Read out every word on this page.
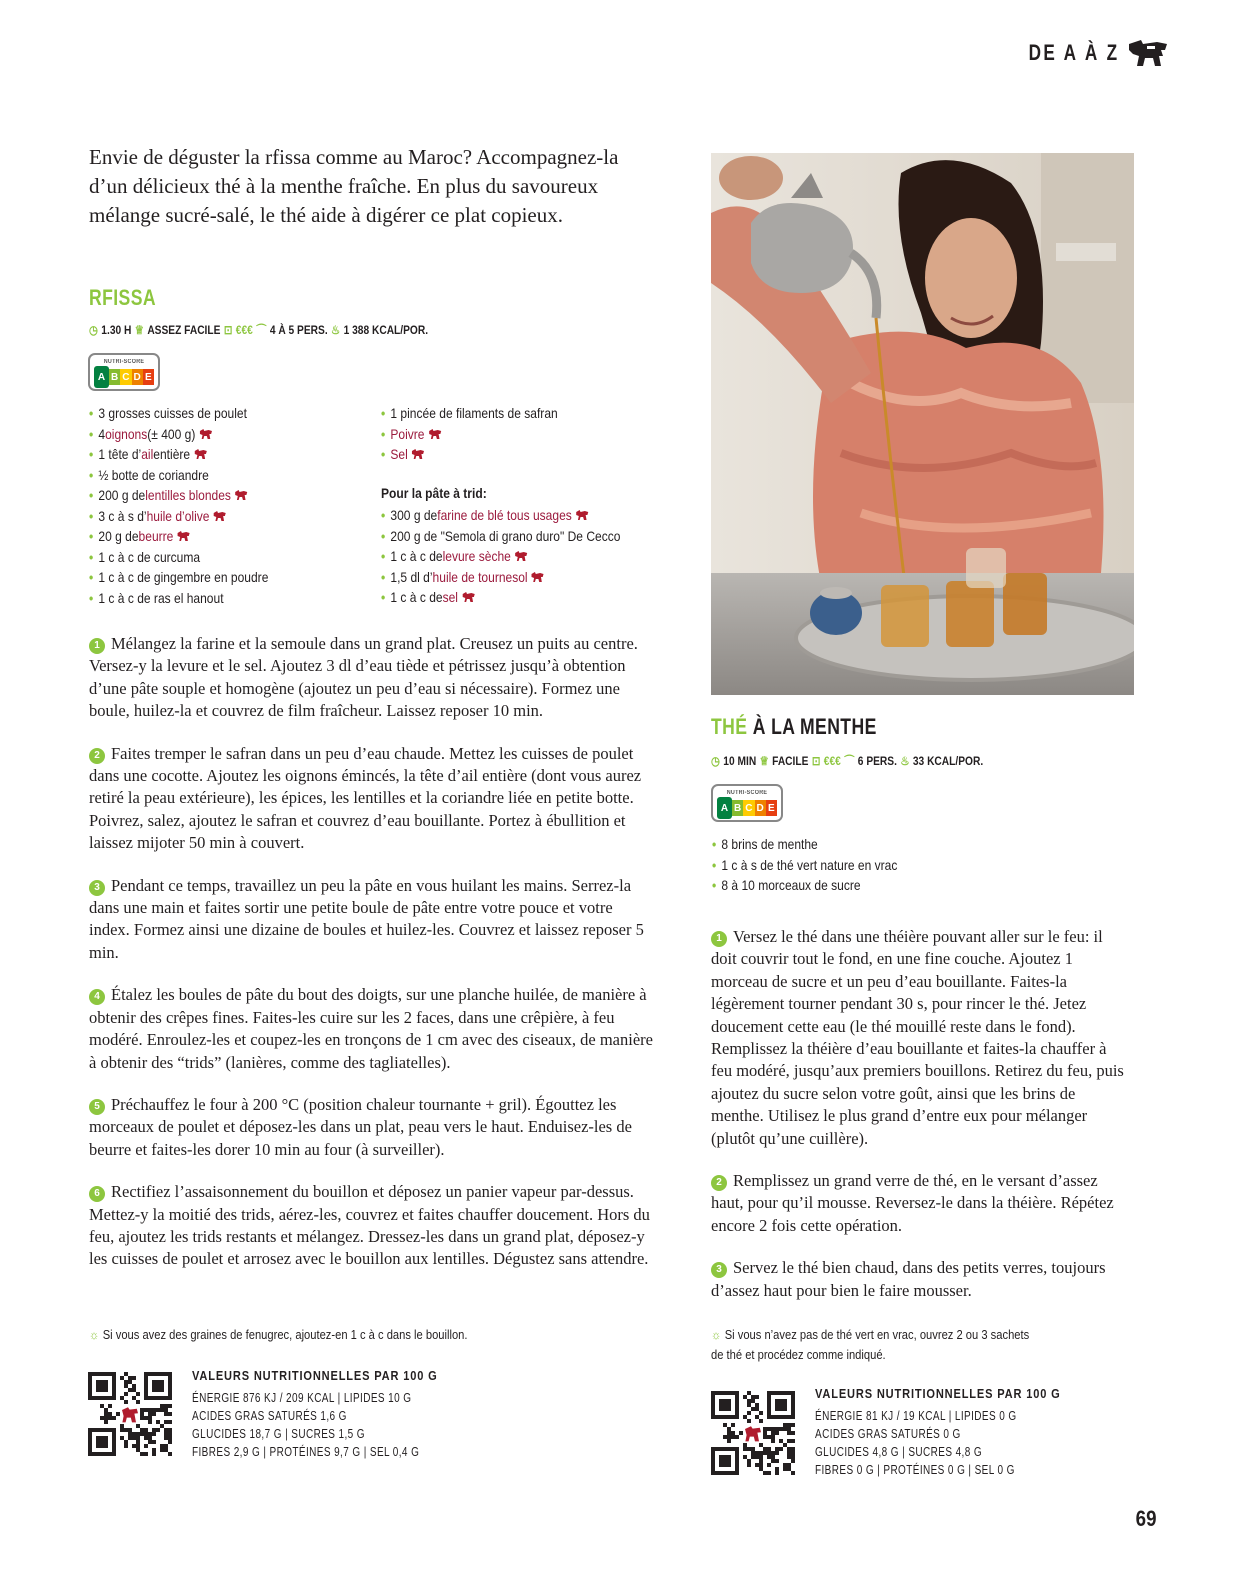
DE A À Z
Envie de déguster la rfissa comme au Maroc? Accompagnez-la d’un délicieux thé à la menthe fraîche. En plus du savoureux mélange sucré-salé, le thé aide à digérer ce plat copieux.
RFISSA
◷ 1.30 H ♕ ASSEZ FACILE ⊡ €€€ ⌒ 4 À 5 PERS. ♨ 1 388 KCAL/POR.
NUTRI-SCORE
A B C D E
• 3 grosses cuisses de poulet
• 4 oignons (± 400 g)
• 1 tête d’ ail entière
• ½ botte de coriandre
• 200 g de lentilles blondes
• 3 c à s d’ huile d’olive
• 20 g de beurre
• 1 c à c de curcuma
• 1 c à c de gingembre en poudre
• 1 c à c de ras el hanout
• 1 pincée de filaments de safran
• Poivre
• Sel
Pour la pâte à trid:
• 300 g de farine de blé tous usages
• 200 g de "Semola di grano duro" De Cecco
• 1 c à c de levure sèche
• 1,5 dl d’ huile de tournesol
• 1 c à c de sel

1 Mélangez la farine et la semoule dans un grand plat. Creusez un puits au centre. Versez-y la levure et le sel. Ajoutez 3 dl d’eau tiède et pétrissez jusqu’à obtention d’une pâte souple et homogène (ajoutez un peu d’eau si nécessaire). Formez une boule, huilez-la et couvrez de film fraîcheur. Laissez reposer 10 min.

2 Faites tremper le safran dans un peu d’eau chaude. Mettez les cuisses de poulet dans une cocotte. Ajoutez les oignons émincés, la tête d’ail entière (dont vous aurez retiré la peau extérieure), les épices, les lentilles et la coriandre liée en petite botte. Poivrez, salez, ajoutez le safran et couvrez d’eau bouillante. Portez à ébullition et laissez mijoter 50 min à couvert.

3 Pendant ce temps, travaillez un peu la pâte en vous huilant les mains. Serrez-la dans une main et faites sortir une petite boule de pâte entre votre pouce et votre index. Formez ainsi une dizaine de boules et huilez-les. Couvrez et laissez reposer 5 min.

4 Étalez les boules de pâte du bout des doigts, sur une planche huilée, de manière à obtenir des crêpes fines. Faites-les cuire sur les 2 faces, dans une crêpière, à feu modéré. Enroulez-les et coupez-les en tronçons de 1 cm avec des ciseaux, de manière à obtenir des “trids” (lanières, comme des tagliatelles).

5 Préchauffez le four à 200 °C (position chaleur tournante + gril). Égouttez les morceaux de poulet et déposez-les dans un plat, peau vers le haut. Enduisez-les de beurre et faites-les dorer 10 min au four (à surveiller).

6 Rectifiez l’assaisonnement du bouillon et déposez un panier vapeur par-dessus. Mettez-y la moitié des trids, aérez-les, couvrez et faites chauffer doucement. Hors du feu, ajoutez les trids restants et mélangez. Dressez-les dans un grand plat, déposez-y les cuisses de poulet et arrosez avec le bouillon aux lentilles. Dégustez sans attendre.

☼ Si vous avez des graines de fenugrec, ajoutez-en 1 c à c dans le bouillon.
VALEURS NUTRITIONNELLES PAR 100 G
ÉNERGIE 876 KJ / 209 KCAL | LIPIDES 10 G
ACIDES GRAS SATURÉS 1,6 G
GLUCIDES 18,7 G | SUCRES 1,5 G
FIBRES 2,9 G | PROTÉINES 9,7 G | SEL 0,4 G
THÉ À LA MENTHE
◷ 10 MIN ♕ FACILE ⊡ €€€ ⌒ 6 PERS. ♨ 33 KCAL/POR.
NUTRI-SCORE
A B C D E
• 8 brins de menthe
• 1 c à s de thé vert nature en vrac
• 8 à 10 morceaux de sucre

1 Versez le thé dans une théière pouvant aller sur le feu: il doit couvrir tout le fond, en une fine couche. Ajoutez 1 morceau de sucre et un peu d’eau bouillante. Faites-la légèrement tourner pendant 30 s, pour rincer le thé. Jetez doucement cette eau (le thé mouillé reste dans le fond). Remplissez la théière d’eau bouillante et faites-la chauffer à feu modéré, jusqu’aux premiers bouillons. Retirez du feu, puis ajoutez du sucre selon votre goût, ainsi que les brins de menthe. Utilisez le plus grand d’entre eux pour mélanger (plutôt qu’une cuillère).

2 Remplissez un grand verre de thé, en le versant d’assez haut, pour qu’il mousse. Reversez-le dans la théière. Répétez encore 2 fois cette opération.

3 Servez le thé bien chaud, dans des petits verres, toujours d’assez haut pour bien le faire mousser.

☼ Si vous n’avez pas de thé vert en vrac, ouvrez 2 ou 3 sachets
de thé et procédez comme indiqué.
VALEURS NUTRITIONNELLES PAR 100 G
ÉNERGIE 81 KJ / 19 KCAL | LIPIDES 0 G
ACIDES GRAS SATURÉS 0 G
GLUCIDES 4,8 G | SUCRES 4,8 G
FIBRES 0 G | PROTÉINES 0 G | SEL 0 G
69
